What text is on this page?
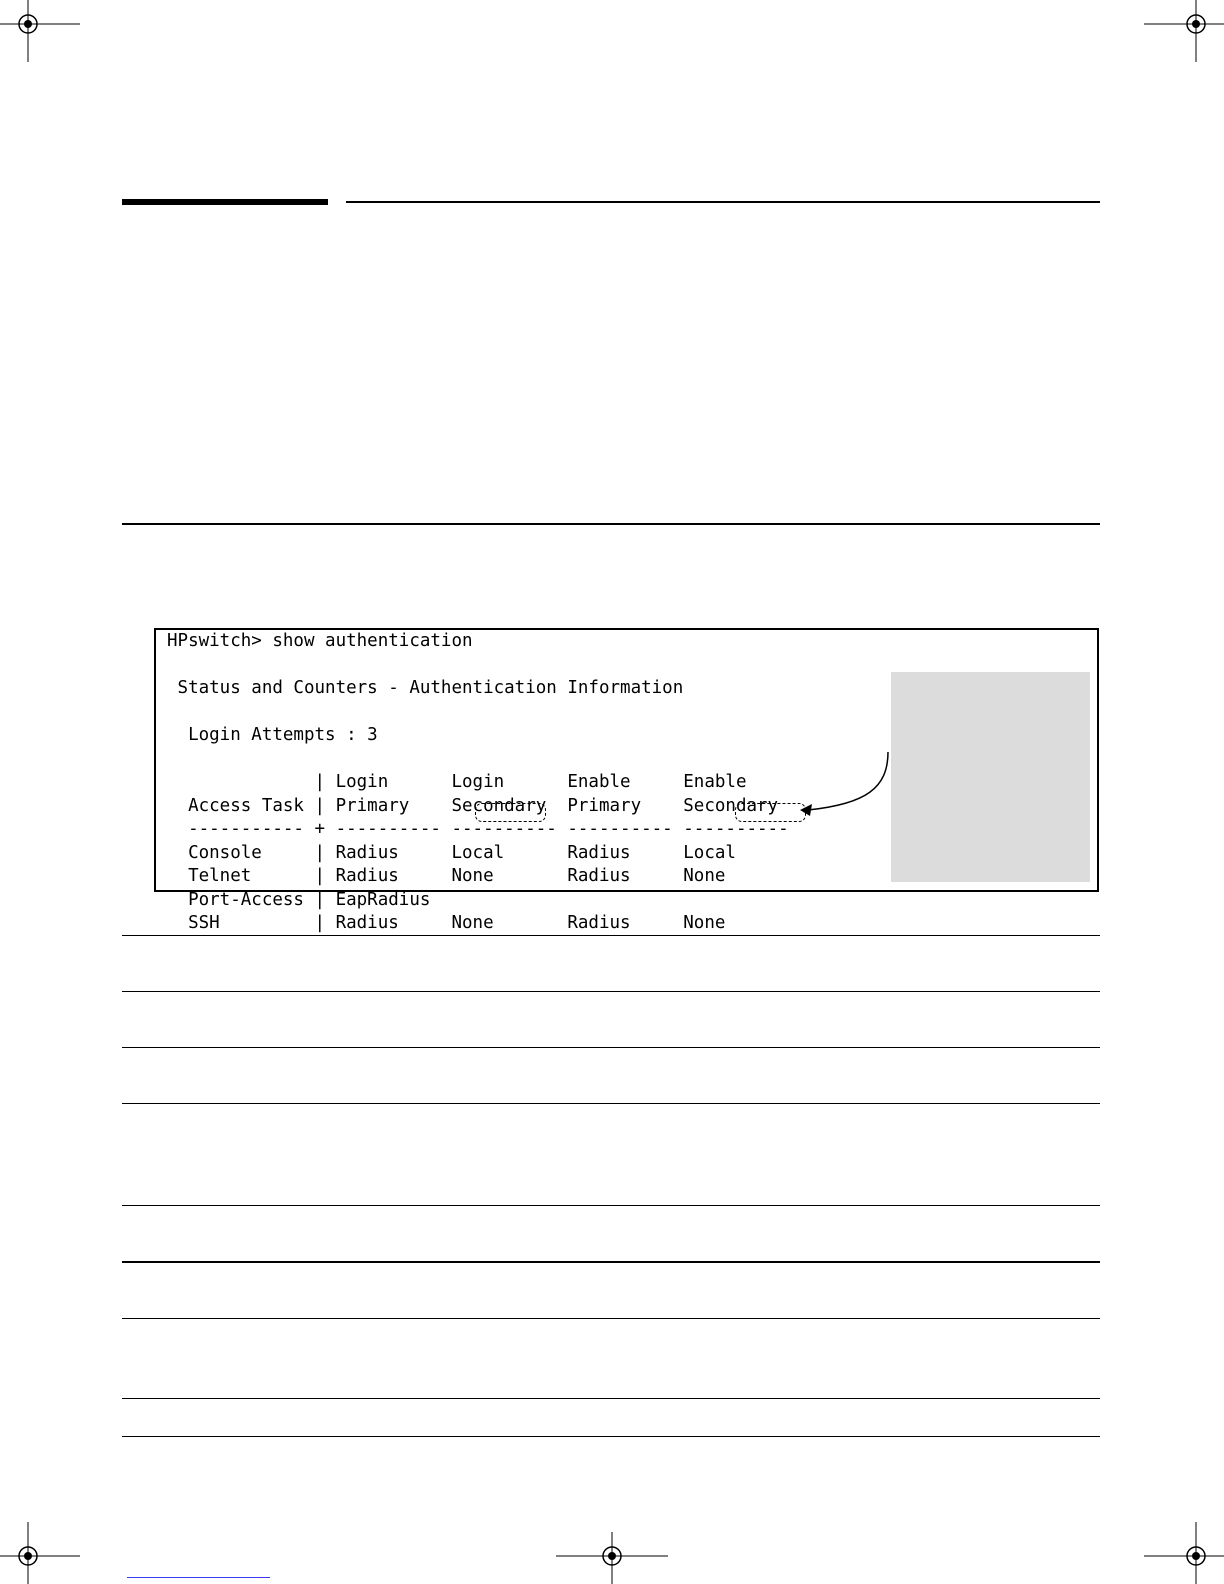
HPswitch> show authentication

Status and Counters - Authentication Information

Login Attempts : 3

| Login      Login      Enable     Enable
Access Task | Primary    Secondary  Primary    Secondary
----------- + ---------- ---------- ---------- ----------
Console     | Radius     Local      Radius     Local
Telnet      | Radius     None       Radius     None
Port-Access | EapRadius
SSH         | Radius     None       Radius     None
